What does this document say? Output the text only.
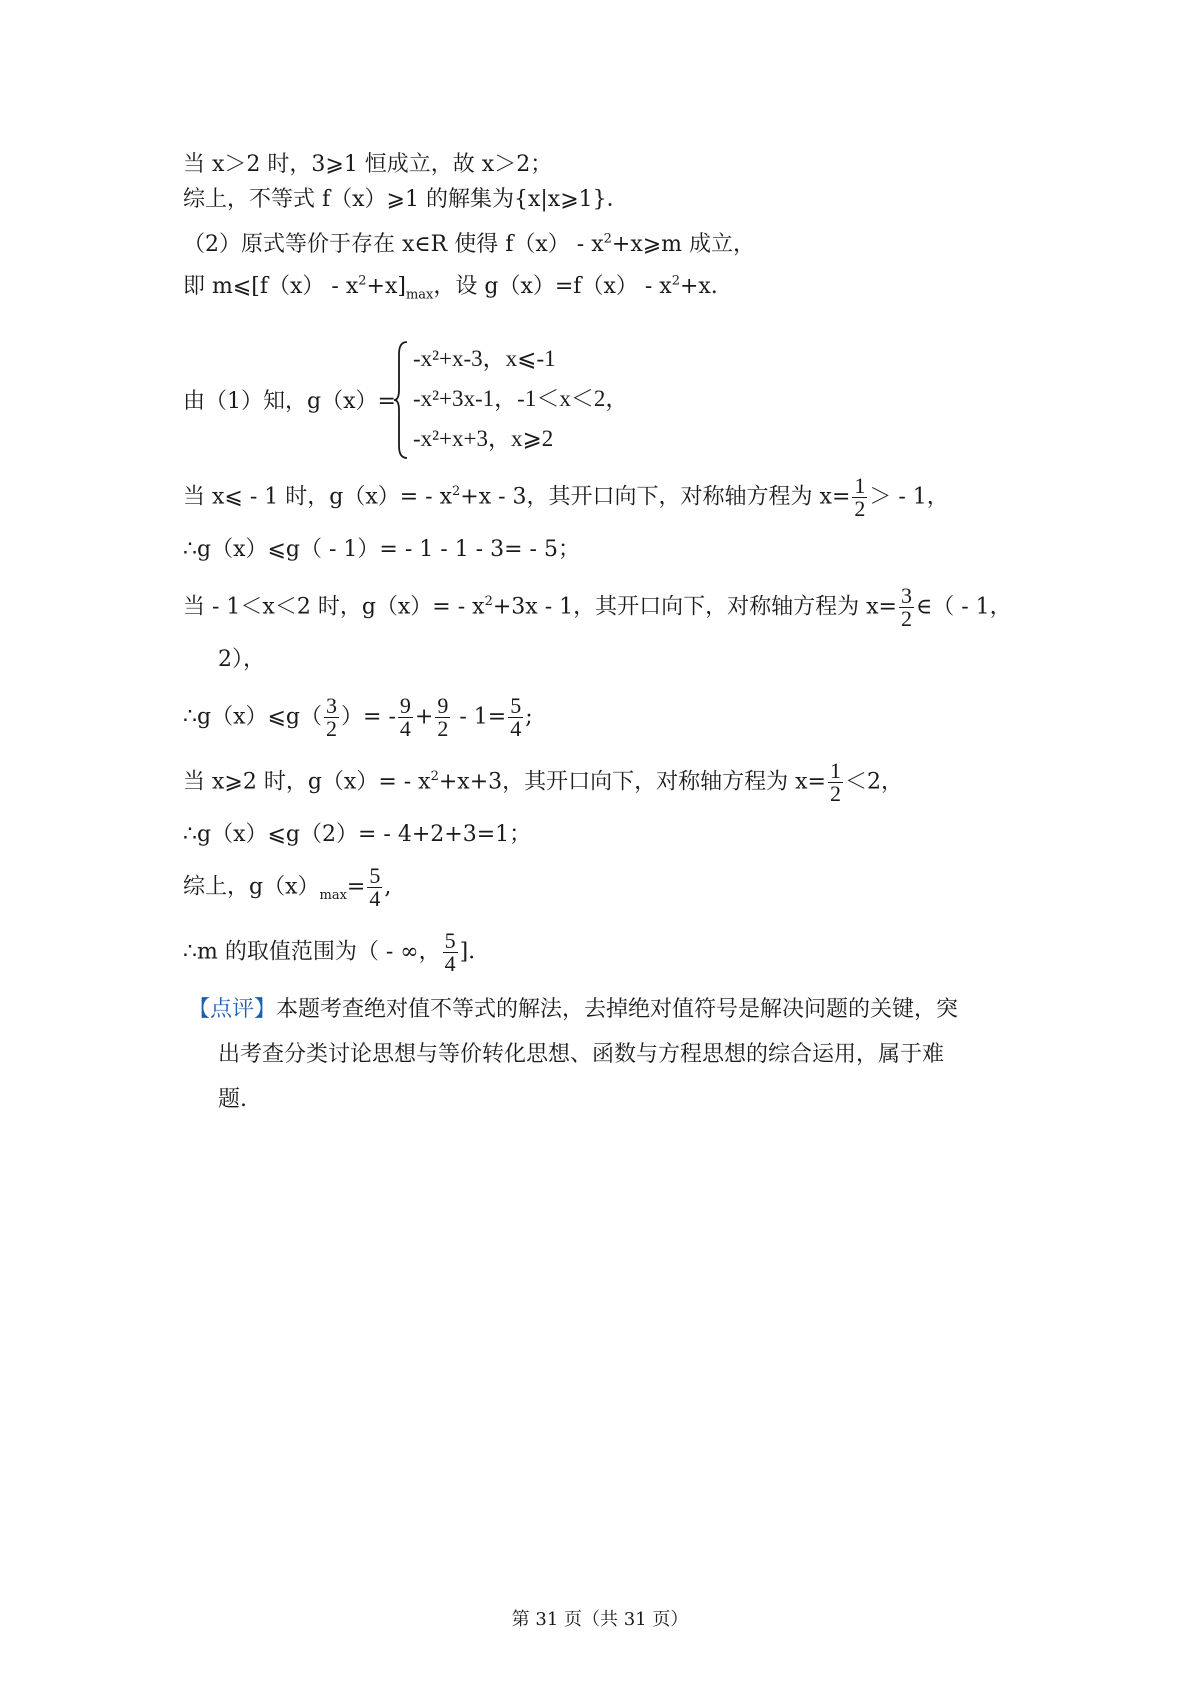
当 x＞2 时，3⩾1 恒成立，故 x＞2；
综上，不等式 f（x）⩾1 的解集为{x|x⩾1}．
（2）原式等价于存在 x∈R 使得 $f(x) - x^2+x⩾m$ 成立，
即 m⩽[f（x） - $x^2+x]_{max}$，设 $g(x)=f(x) - x^2+x$.
由（1）知，g（x）=
-x²+x-3，x⩽-1
-x²+3x-1，-1＜x＜2，
-x²+x+3，x⩾2
当 x⩽ - 1 时，$g(x)= - x^2+x - 3$，其开口向下，对称轴方程为 $x= \frac{1}{2}$ ＞ - 1，
∴g（x）⩽g（ - 1）= - 1 - 1 - 3= - 5；
当 - 1＜x＜2 时，$g(x)= - x^2+3x - 1$，其开口向下，对称轴方程为 $x= \frac{3}{2}$ ∈（ - 1，
2），
∴g（x）⩽g（ $\frac{3}{2}$ ）= - $\frac{9}{4} + \frac{9}{2} - 1= \frac{5}{4}$ ;
当 x⩾2 时，$g(x)= - x^2+x+3$，其开口向下，对称轴方程为 $x= \frac{1}{2} <2$，
∴g（x）⩽g（2）= - 4+2+3=1；
综上，$g(x)_{max}= \frac{5}{4}$ ,
∴m 的取值范围为（ - ∞， $\frac{5}{4}$ ]．
【点评】本题考查绝对值不等式的解法，去掉绝对值符号是解决问题的关键，突
出考查分类讨论思想与等价转化思想、函数与方程思想的综合运用，属于难
题.
第 31 页（共 31 页）
